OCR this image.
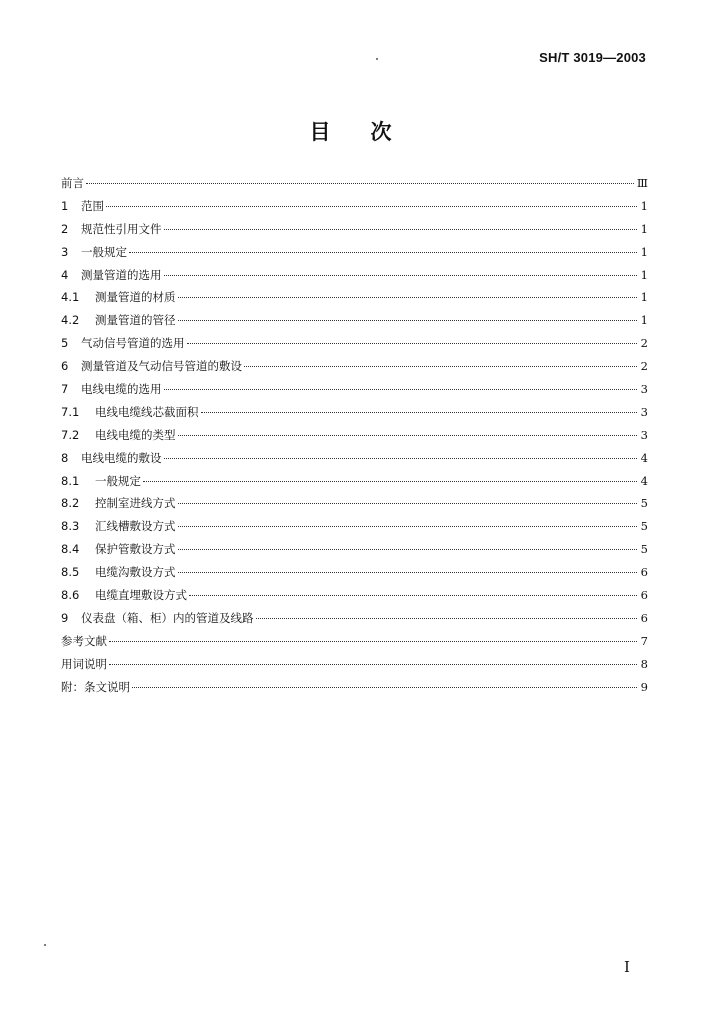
SH/T 3019—2003
目次
前言	Ⅲ
1	范围	1
2	规范性引用文件	1
3	一般规定	1
4	测量管道的选用	1
4.1	测量管道的材质	1
4.2	测量管道的管径	1
5	气动信号管道的选用	2
6	测量管道及气动信号管道的敷设	2
7	电线电缆的选用	3
7.1	电线电缆线芯截面积	3
7.2	电线电缆的类型	3
8	电线电缆的敷设	4
8.1	一般规定	4
8.2	控制室进线方式	5
8.3	汇线槽敷设方式	5
8.4	保护管敷设方式	5
8.5	电缆沟敷设方式	6
8.6	电缆直埋敷设方式	6
9	仪表盘（箱、柜）内的管道及线路	6
参考文献	7
用词说明	8
附：条文说明	9
I
